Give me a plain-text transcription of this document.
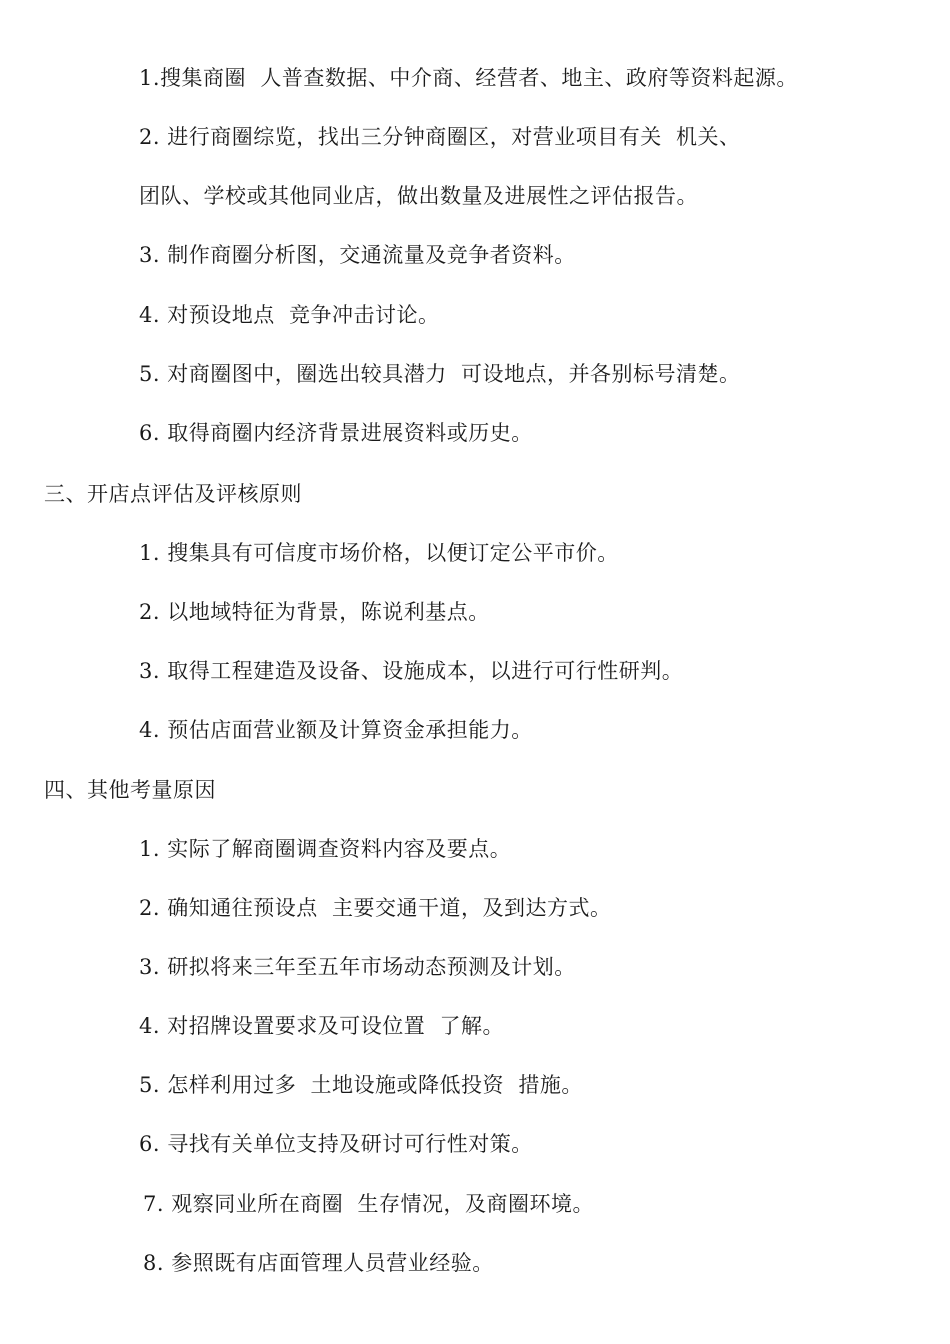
1.搜集商圈  人普查数据、中介商、经营者、地主、政府等资料起源。
2. 进行商圈综览，找出三分钟商圈区，对营业项目有关  机关、
团队、学校或其他同业店，做出数量及进展性之评估报告。
3. 制作商圈分析图，交通流量及竞争者资料。
4. 对预设地点  竞争冲击讨论。
5. 对商圈图中，圈选出较具潜力  可设地点，并各别标号清楚。
6. 取得商圈内经济背景进展资料或历史。
三、开店点评估及评核原则
1. 搜集具有可信度市场价格，以便订定公平市价。
2. 以地域特征为背景，陈说利基点。
3. 取得工程建造及设备、设施成本，以进行可行性研判。
4. 预估店面营业额及计算资金承担能力。
四、其他考量原因
1. 实际了解商圈调查资料内容及要点。
2. 确知通往预设点  主要交通干道，及到达方式。
3. 研拟将来三年至五年市场动态预测及计划。
4. 对招牌设置要求及可设位置  了解。
5. 怎样利用过多  土地设施或降低投资  措施。
6. 寻找有关单位支持及研讨可行性对策。
7. 观察同业所在商圈  生存情况，及商圈环境。
8. 参照既有店面管理人员营业经验。
